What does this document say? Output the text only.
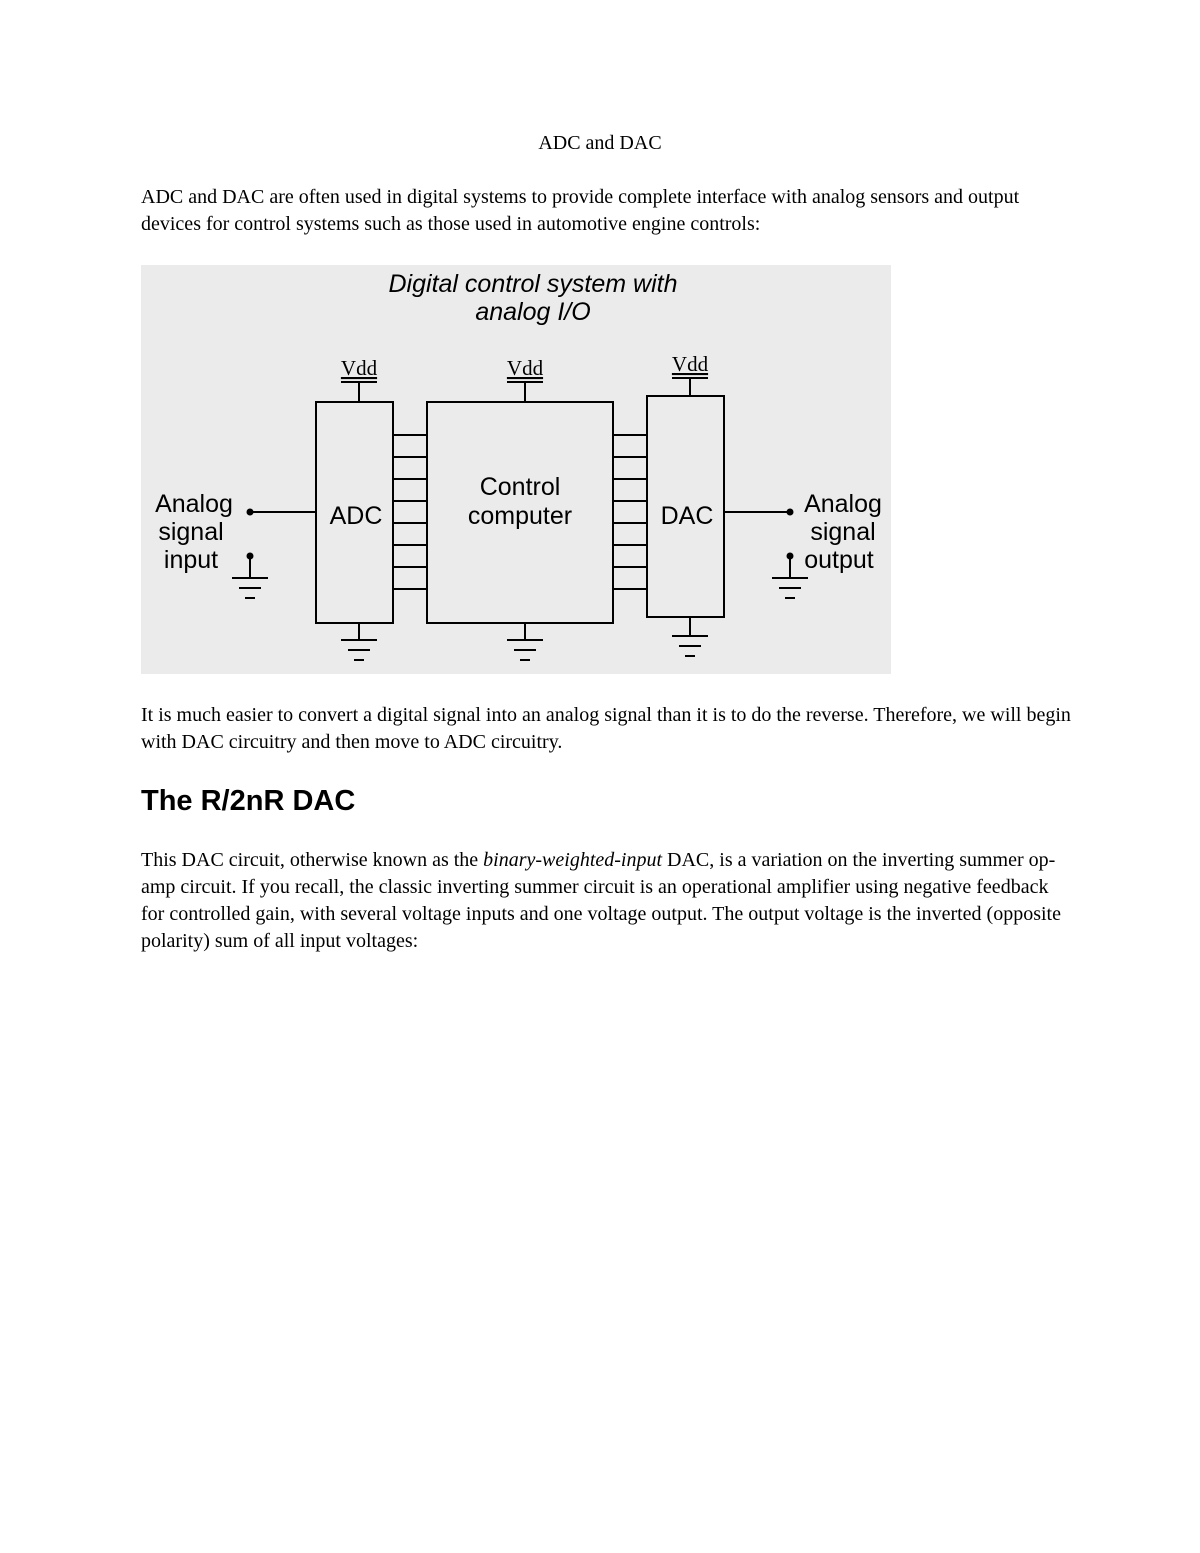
ADC and DAC

ADC and DAC are often used in digital systems to provide complete interface with analog sensors and output devices for control systems such as those used in automotive engine controls:

Digital control system with
analog I/O
Vdd	Vdd	Vdd
ADC
Control
computer	DAC
Analog
signal
input
Analog
signal
output

It is much easier to convert a digital signal into an analog signal than it is to do the reverse. Therefore, we will begin with DAC circuitry and then move to ADC circuitry.

The R/2nR DAC

This DAC circuit, otherwise known as the binary-weighted-input DAC, is a variation on the inverting summer op-amp circuit. If you recall, the classic inverting summer circuit is an operational amplifier using negative feedback for controlled gain, with several voltage inputs and one voltage output. The output voltage is the inverted (opposite polarity) sum of all input voltages:
